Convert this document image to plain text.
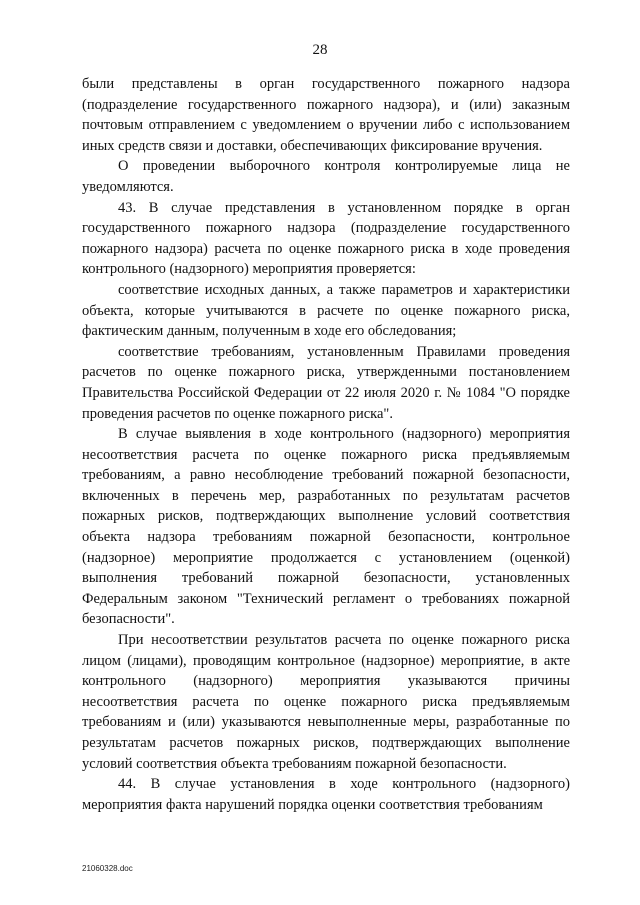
28

были представлены в орган государственного пожарного надзора (подразделение государственного пожарного надзора), и (или) заказным почтовым отправлением с уведомлением о вручении либо с использованием иных средств связи и доставки, обеспечивающих фиксирование вручения.

О проведении выборочного контроля контролируемые лица не уведомляются.

43. В случае представления в установленном порядке в орган государственного пожарного надзора (подразделение государственного пожарного надзора) расчета по оценке пожарного риска в ходе проведения контрольного (надзорного) мероприятия проверяется:

соответствие исходных данных, а также параметров и характеристики объекта, которые учитываются в расчете по оценке пожарного риска, фактическим данным, полученным в ходе его обследования;

соответствие требованиям, установленным Правилами проведения расчетов по оценке пожарного риска, утвержденными постановлением Правительства Российской Федерации от 22 июля 2020 г. № 1084 "О порядке проведения расчетов по оценке пожарного риска".

В случае выявления в ходе контрольного (надзорного) мероприятия несоответствия расчета по оценке пожарного риска предъявляемым требованиям, а равно несоблюдение требований пожарной безопасности, включенных в перечень мер, разработанных по результатам расчетов пожарных рисков, подтверждающих выполнение условий соответствия объекта надзора требованиям пожарной безопасности, контрольное (надзорное) мероприятие продолжается с установлением (оценкой) выполнения требований пожарной безопасности, установленных Федеральным законом "Технический регламент о требованиях пожарной безопасности".

При несоответствии результатов расчета по оценке пожарного риска лицом (лицами), проводящим контрольное (надзорное) мероприятие, в акте контрольного (надзорного) мероприятия указываются причины несоответствия расчета по оценке пожарного риска предъявляемым требованиям и (или) указываются невыполненные меры, разработанные по результатам расчетов пожарных рисков, подтверждающих выполнение условий соответствия объекта требованиям пожарной безопасности.

44. В случае установления в ходе контрольного (надзорного) мероприятия факта нарушений порядка оценки соответствия требованиям

21060328.doc
